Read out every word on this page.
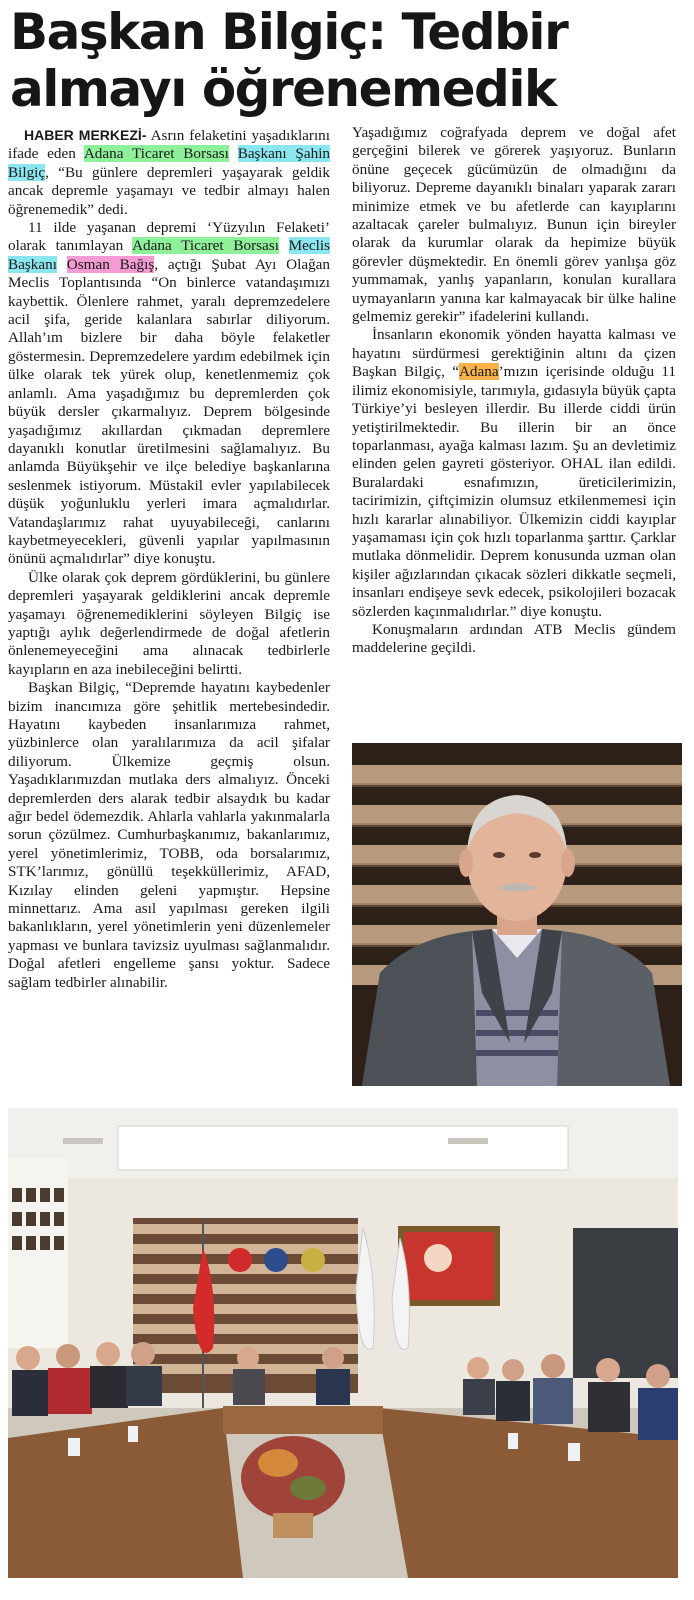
Başkan Bilgiç: Tedbir
almayı öğrenemedik

HABER MERKEZİ- Asrın felaketini yaşadıklarını ifade eden Adana Ticaret Borsası Başkanı Şahin Bilgiç, “Bu günlere depremleri yaşayarak geldik ancak depremle yaşamayı ve tedbir almayı halen öğrenemedik” dedi.

11 ilde yaşanan depremi ‘Yüzyılın Felaketi’ olarak tanımlayan Adana Ticaret Borsası Meclis Başkanı Osman Bağış, açtığı Şubat Ayı Olağan Meclis Toplantısında “On binlerce vatandaşımızı kaybettik. Ölenlere rahmet, yaralı depremzedelere acil şifa, geride kalanlara sabırlar diliyorum. Allah’ım bizlere bir daha böyle felaketler göstermesin. Depremzedelere yardım edebilmek için ülke olarak tek yürek olup, kenetlenmemiz çok anlamlı. Ama yaşadığımız bu depremlerden çok büyük dersler çıkarmalıyız. Deprem bölgesinde yaşadığımız akıllardan çıkmadan depremlere dayanıklı konutlar üretilmesini sağlamalıyız. Bu anlamda Büyükşehir ve ilçe belediye başkanlarına seslenmek istiyorum. Müstakil evler yapılabilecek düşük yoğunluklu yerleri imara açmalıdırlar. Vatandaşlarımız rahat uyuyabileceği, canlarını kaybetmeyecekleri, güvenli yapılar yapılmasının önünü açmalıdırlar” diye konuştu.

Ülke olarak çok deprem gördüklerini, bu günlere depremleri yaşayarak geldiklerini ancak depremle yaşamayı öğrenemediklerini söyleyen Bilgiç ise yaptığı aylık değerlendirmede de doğal afetlerin önlenemeyeceğini ama alınacak tedbirlerle kayıpların en aza inebileceğini belirtti.

Başkan Bilgiç, “Depremde hayatını kaybedenler bizim inancımıza göre şehitlik mertebesindedir. Hayatını kaybeden insanlarımıza rahmet, yüzbinlerce olan yaralılarımıza da acil şifalar diliyorum. Ülkemize geçmiş olsun. Yaşadıklarımızdan mutlaka ders almalıyız. Önceki depremlerden ders alarak tedbir alsaydık bu kadar ağır bedel ödemezdik. Ahlarla vahlarla yakınmalarla sorun çözülmez. Cumhurbaşkanımız, bakanlarımız, yerel yönetimlerimiz, TOBB, oda borsalarımız, STK’larımız, gönüllü teşekküllerimiz, AFAD, Kızılay elinden geleni yapmıştır. Hepsine minnettarız. Ama asıl yapılması gereken ilgili bakanlıkların, yerel yönetimlerin yeni düzenlemeler yapması ve bunlara tavizsiz uyulması sağlanmalıdır. Doğal afetleri engelleme şansı yoktur. Sadece sağlam tedbirler alınabilir.

Yaşadığımız coğrafyada deprem ve doğal afet gerçeğini bilerek ve görerek yaşıyoruz. Bunların önüne geçecek gücümüzün de olmadığını da biliyoruz. Depreme dayanıklı binaları yaparak zararı minimize etmek ve bu afetlerde can kayıplarını azaltacak çareler bulmalıyız. Bunun için bireyler olarak da kurumlar olarak da hepimize büyük görevler düşmektedir. En önemli görev yanlışa göz yummamak, yanlış yapanların, konulan kurallara uymayanların yanına kar kalmayacak bir ülke haline gelmemiz gerekir” ifadelerini kullandı.

İnsanların ekonomik yönden hayatta kalması ve hayatını sürdürmesi gerektiğinin altını da çizen Başkan Bilgiç, “Adana’mızın içerisinde olduğu 11 ilimiz ekonomisiyle, tarımıyla, gıdasıyla büyük çapta Türkiye’yi besleyen illerdir. Bu illerde ciddi ürün yetiştirilmektedir. Bu illerin bir an önce toparlanması, ayağa kalması lazım. Şu an devletimiz elinden gelen gayreti gösteriyor. OHAL ilan edildi. Buralardaki esnafımızın, üreticilerimizin, tacirimizin, çiftçimizin olumsuz etkilenmemesi için hızlı kararlar alınabiliyor. Ülkemizin ciddi kayıplar yaşamaması için çok hızlı toparlanma şarttır. Çarklar mutlaka dönmelidir. Deprem konusunda uzman olan kişiler ağızlarından çıkacak sözleri dikkatle seçmeli, insanları endişeye sevk edecek, psikolojileri bozacak sözlerden kaçınmalıdırlar.” diye konuştu.

Konuşmaların ardından ATB Meclis gündem maddelerine geçildi.
